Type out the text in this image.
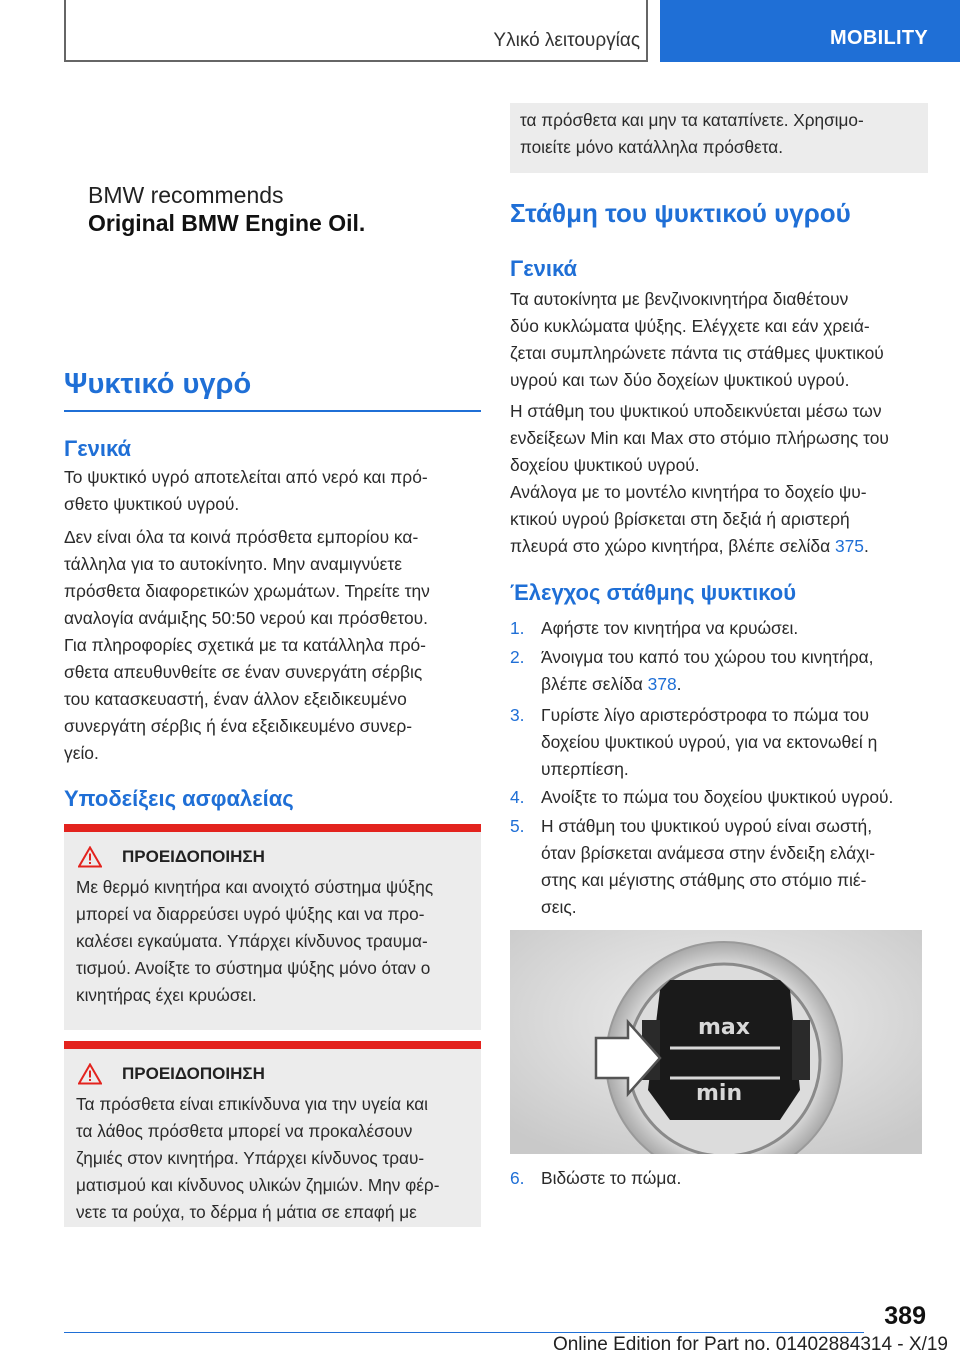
Υλικό λειτουργίας	MOBILITY
BMW recommends
Original BMW Engine Oil.
Ψυκτικό υγρό
Γενικά

Το ψυκτικό υγρό αποτελείται από νερό και πρό-

σθετο ψυκτικού υγρού.

Δεν είναι όλα τα κοινά πρόσθετα εμπορίου κα-

τάλληλα για το αυτοκίνητο. Μην αναμιγνύετε

πρόσθετα διαφορετικών χρωμάτων. Τηρείτε την

αναλογία ανάμιξης 50:50 νερού και πρόσθετου.

Για πληροφορίες σχετικά με τα κατάλληλα πρό-

σθετα απευθυνθείτε σε έναν συνεργάτη σέρβις

του κατασκευαστή, έναν άλλον εξειδικευμένο

συνεργάτη σέρβις ή ένα εξειδικευμένο συνερ-

γείο.

Υποδείξεις ασφαλείας
ΠΡΟΕΙΔΟΠΟΙΗΣΗ
Με θερμό κινητήρα και ανοιχτό σύστημα ψύξης
μπορεί να διαρρεύσει υγρό ψύξης και να προ-
καλέσει εγκαύματα. Υπάρχει κίνδυνος τραυμα-
τισμού. Ανοίξτε το σύστημα ψύξης μόνο όταν ο
κινητήρας έχει κρυώσει.
ΠΡΟΕΙΔΟΠΟΙΗΣΗ
Τα πρόσθετα είναι επικίνδυνα για την υγεία και
τα λάθος πρόσθετα μπορεί να προκαλέσουν
ζημιές στον κινητήρα. Υπάρχει κίνδυνος τραυ-
ματισμού και κίνδυνος υλικών ζημιών. Μην φέρ-
νετε τα ρούχα, το δέρμα ή μάτια σε επαφή με
τα πρόσθετα και μην τα καταπίνετε. Χρησιμο-
ποιείτε μόνο κατάλληλα πρόσθετα.
Στάθμη του ψυκτικού υγρού
Γενικά

Τα αυτοκίνητα με βενζινοκινητήρα διαθέτουν

δύο κυκλώματα ψύξης. Ελέγχετε και εάν χρειά-

ζεται συμπληρώνετε πάντα τις στάθμες ψυκτικού

υγρού και των δύο δοχείων ψυκτικού υγρού.

Η στάθμη του ψυκτικού υποδεικνύεται μέσω των

ενδείξεων Min και Max στο στόμιο πλήρωσης του

δοχείου ψυκτικού υγρού.

Ανάλογα με το μοντέλο κινητήρα το δοχείο ψυ-

κτικού υγρού βρίσκεται στη δεξιά ή αριστερή

πλευρά στο χώρο κινητήρα, βλέπε σελίδα 375.

Έλεγχος στάθμης ψυκτικού
1. Αφήστε τον κινητήρα να κρυώσει.
2. Άνοιγμα του καπό του χώρου του κινητήρα,
βλέπε σελίδα 378.
3. Γυρίστε λίγο αριστερόστροφα το πώμα του
δοχείου ψυκτικού υγρού, για να εκτονωθεί η
υπερπίεση.
4. Ανοίξτε το πώμα του δοχείου ψυκτικού υγρού.
5. Η στάθμη του ψυκτικού υγρού είναι σωστή,
όταν βρίσκεται ανάμεσα στην ένδειξη ελάχι-
στης και μέγιστης στάθμης στο στόμιο πιέ-
σεις.
max
min
6. Βιδώστε το πώμα.
389
Online Edition for Part no. 01402884314 - X/19
